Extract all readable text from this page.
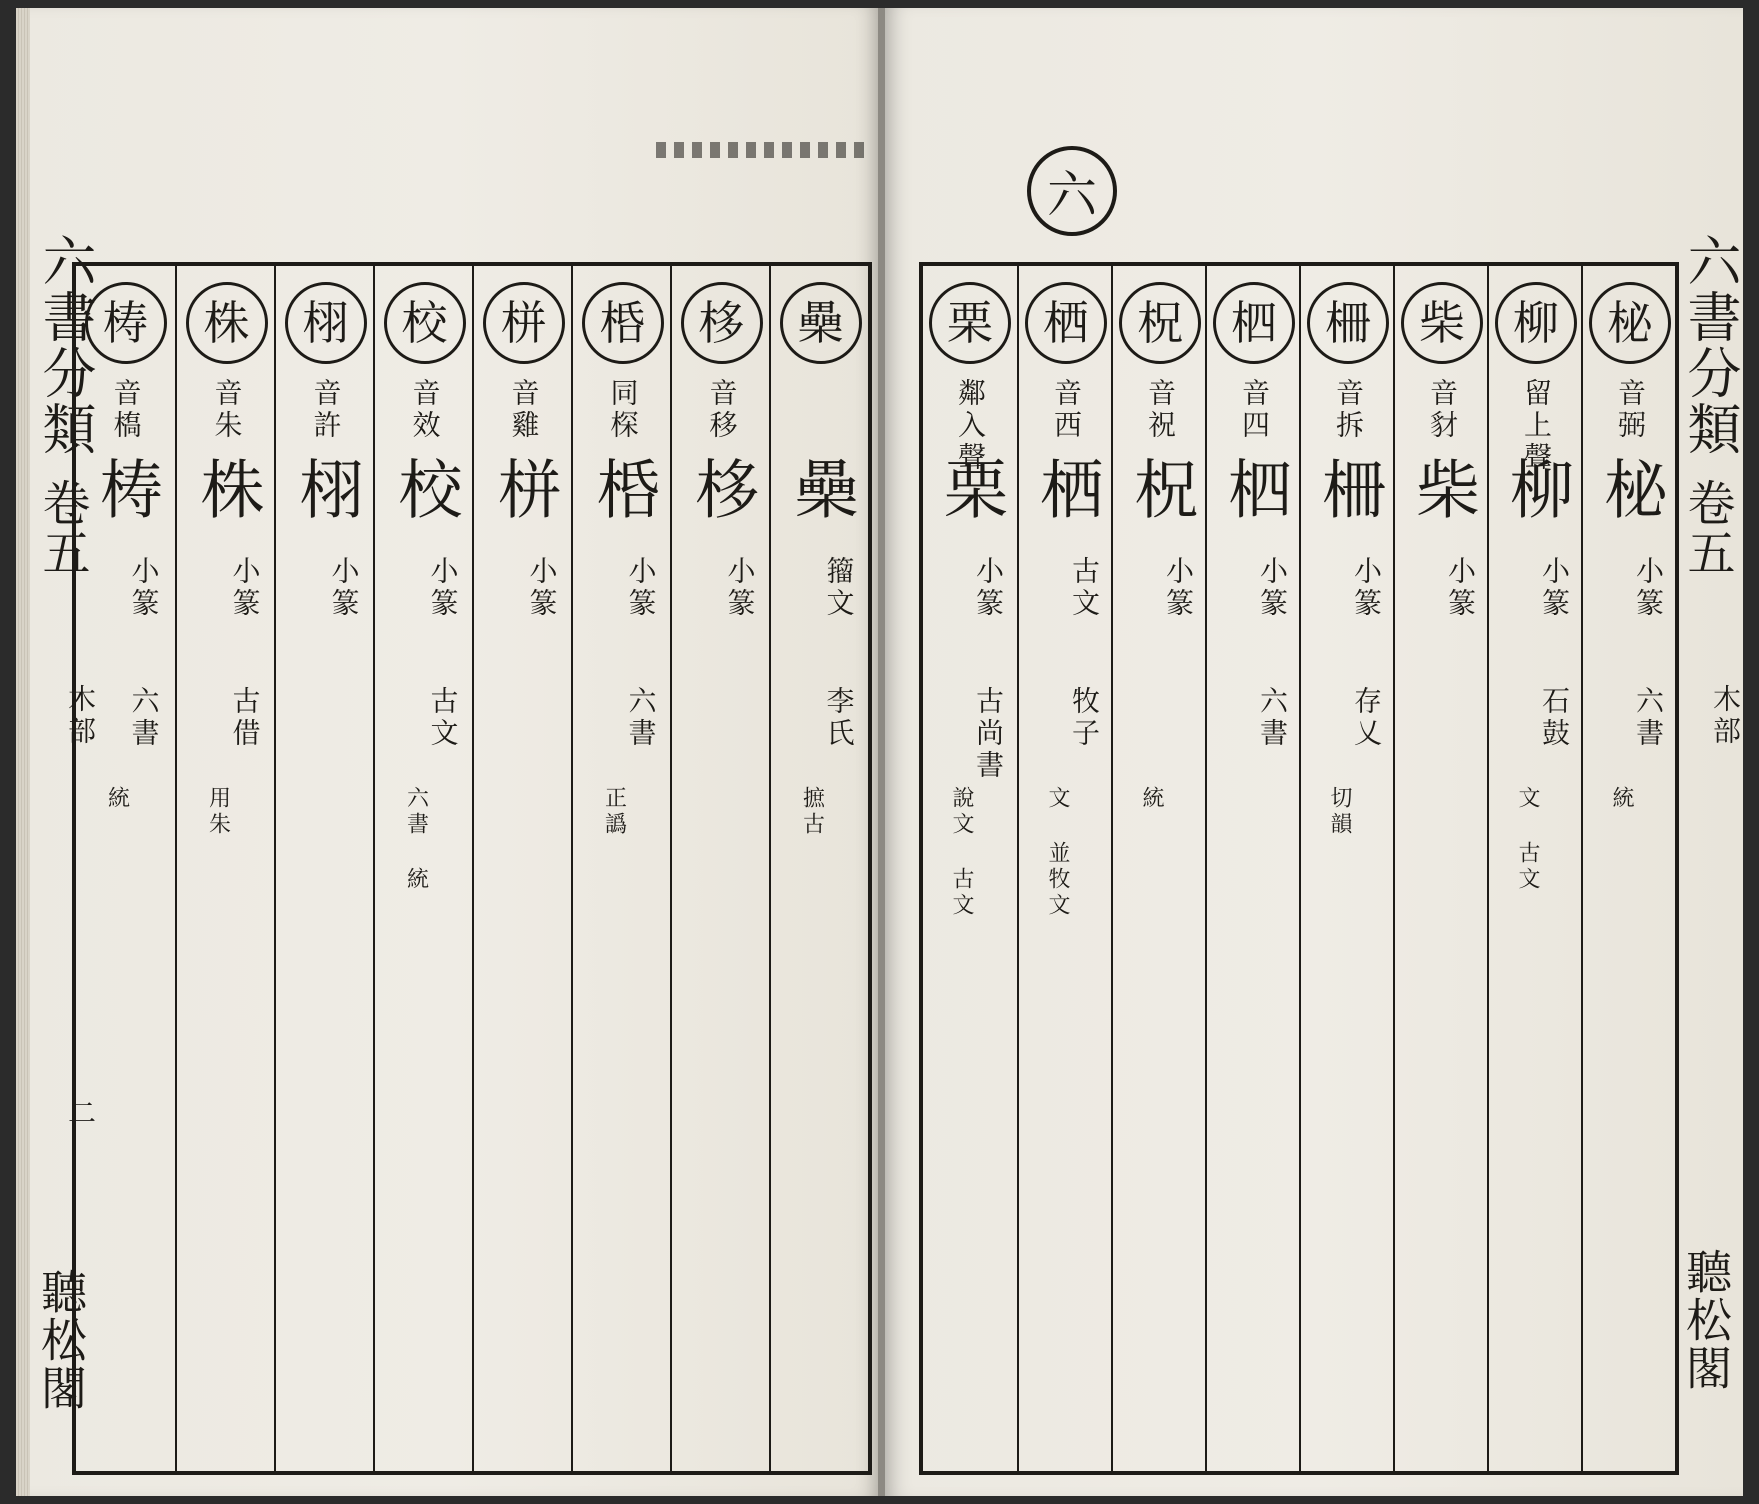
六書分類
卷五
木部
二
聽松閣
櫐
櫐
籀文
李氏
摭古
栘
音移
栘
小篆
桰
同棎
桰
小篆
六書
正譌
栟
音雞
栟
小篆
校
音效
校
小篆
古文
六書 統
栩
音許
栩
小篆
株
音朱
株
小篆
古借
用朱
梼
音槗
梼
小篆
六書
統
六
柲
音弼
柲
小篆
六書
統
柳
留上聲
柳
小篆
石鼓
文 古文
柴
音豺
柴
小篆
柵
音拆
柵
小篆
存乂
切韻
柶
音四
柶
小篆
六書
柷
音祝
柷
小篆
統
栖
音西
栖
古文
牧子
文 並牧文
栗
鄰入聲
栗
小篆
古尚書
說文 古文
六書分類
卷五
木部
聽松閣
